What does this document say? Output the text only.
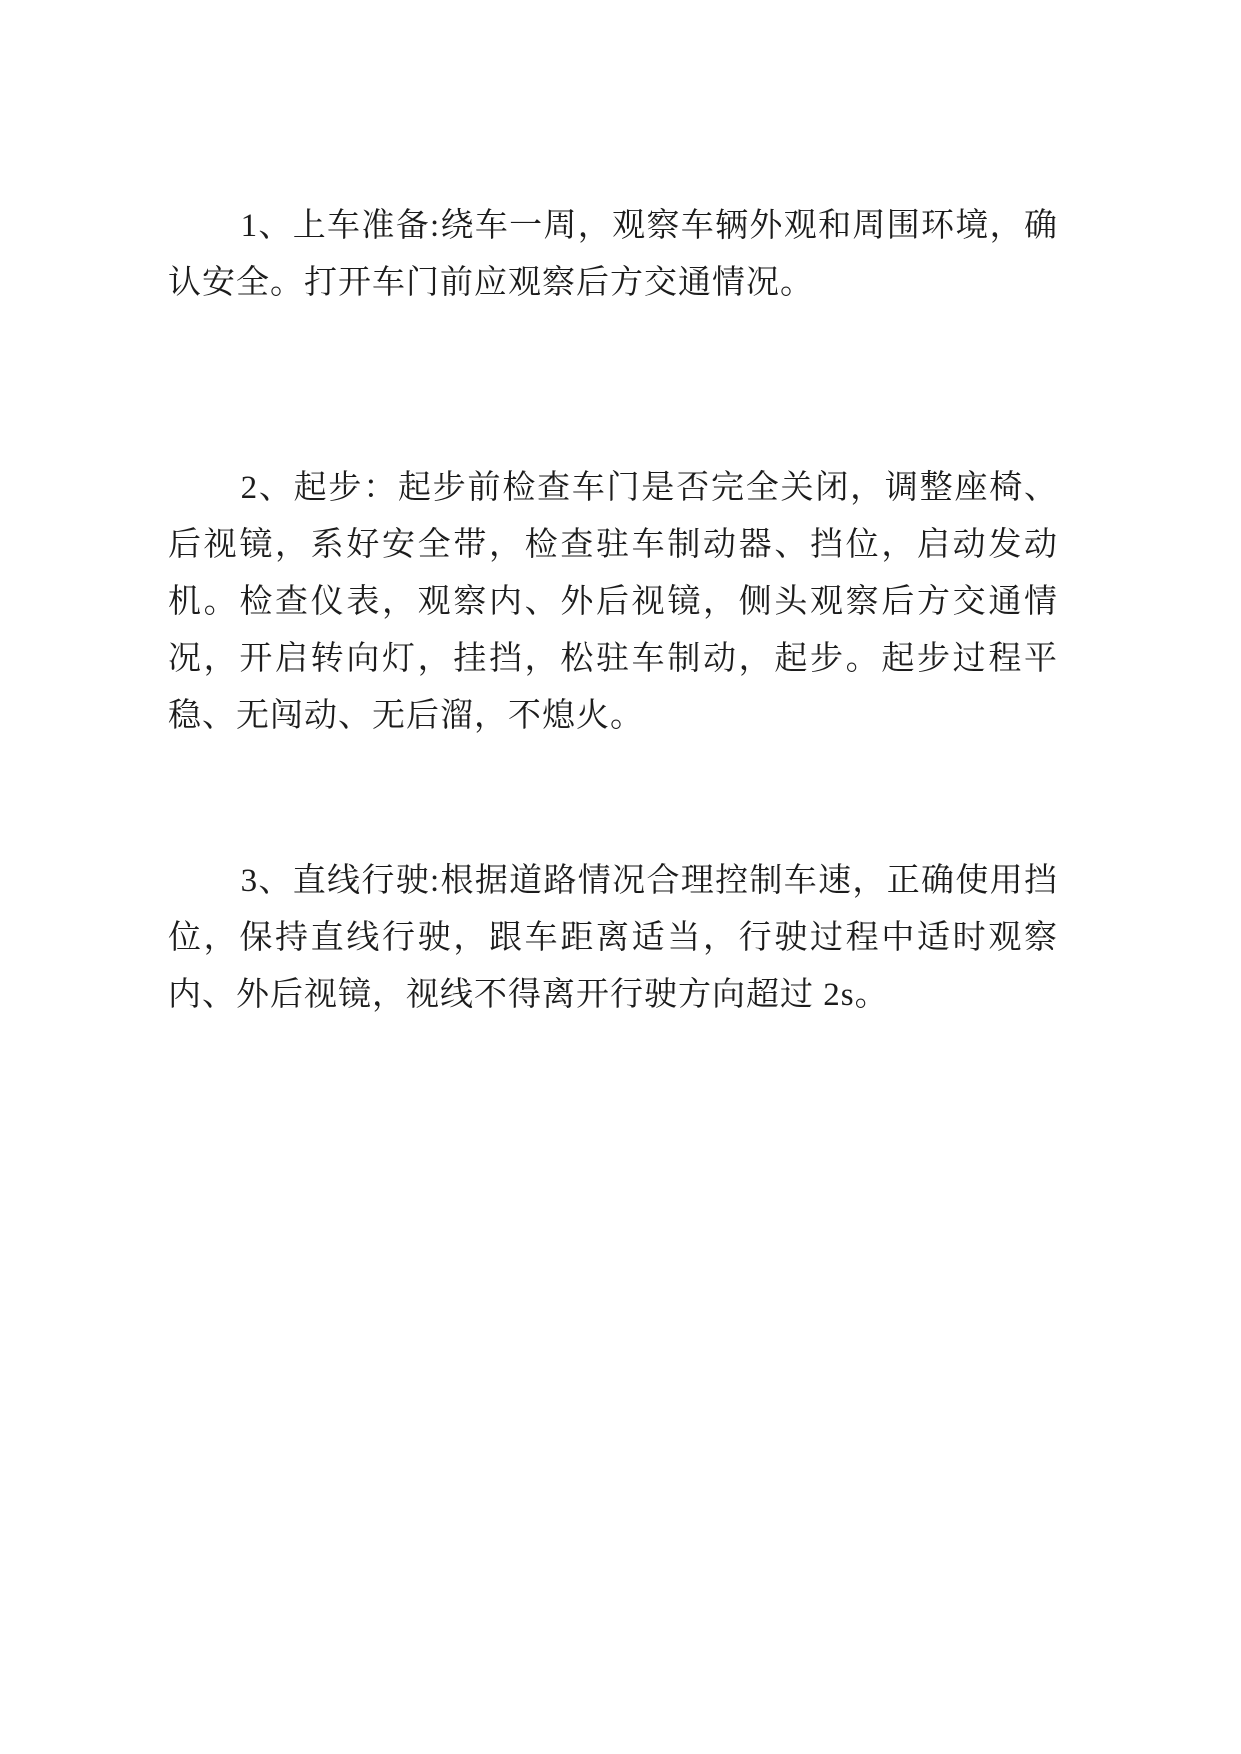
1、上车准备:绕车一周，观察车辆外观和周围环境，确认安全。打开车门前应观察后方交通情况。

2、起步：起步前检查车门是否完全关闭，调整座椅、后视镜，系好安全带，检查驻车制动器、挡位，启动发动机。检查仪表，观察内、外后视镜，侧头观察后方交通情况，开启转向灯，挂挡，松驻车制动，起步。起步过程平稳、无闯动、无后溜，不熄火。

3、直线行驶:根据道路情况合理控制车速，正确使用挡位，保持直线行驶，跟车距离适当，行驶过程中适时观察内、外后视镜，视线不得离开行驶方向超过 2s。
